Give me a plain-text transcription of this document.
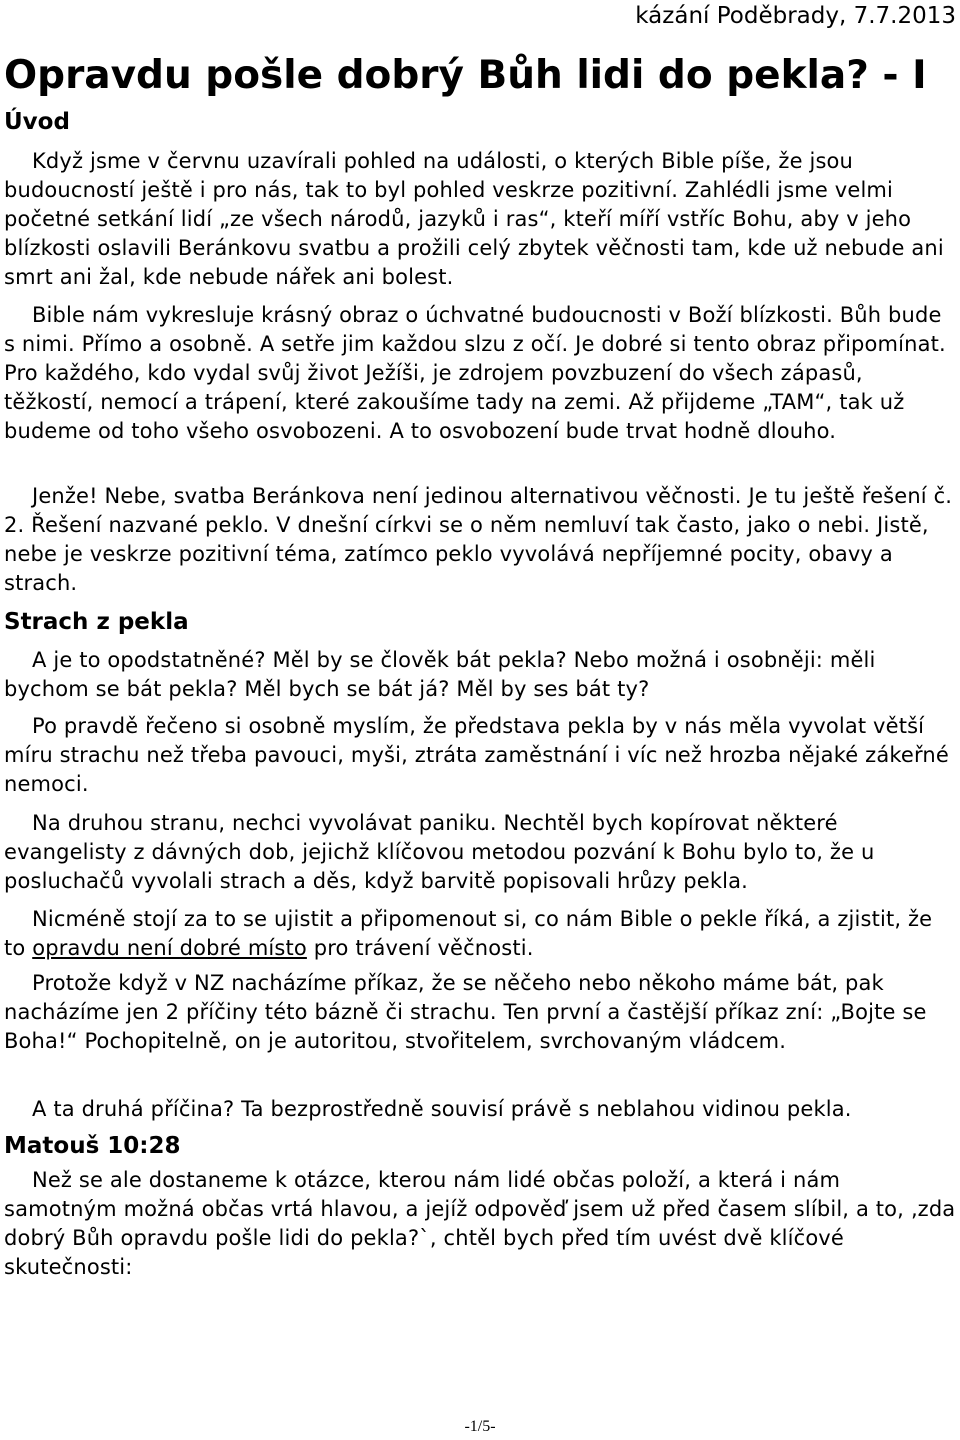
kázání Poděbrady, 7.7.2013
Opravdu pošle dobrý Bůh lidi do pekla? - I
Úvod

Když jsme v červnu uzavírali pohled na události, o kterých Bible píše, že jsou budoucností ještě i pro nás, tak to byl pohled veskrze pozitivní. Zahlédli jsme velmi početné setkání lidí „ze všech národů, jazyků i ras“, kteří míří vstříc Bohu, aby v jeho blízkosti oslavili Beránkovu svatbu a prožili celý zbytek věčnosti tam, kde už nebude ani smrt ani žal, kde nebude nářek ani bolest.

Bible nám vykresluje krásný obraz o úchvatné budoucnosti v Boží blízkosti. Bůh bude s nimi. Přímo a osobně. A setře jim každou slzu z očí. Je dobré si tento obraz připomínat. Pro každého, kdo vydal svůj život Ježíši, je zdrojem povzbuzení do všech zápasů, těžkostí, nemocí a trápení, které zakoušíme tady na zemi. Až přijdeme „TAM“, tak už budeme od toho všeho osvobozeni. A to osvobození bude trvat hodně dlouho.

Jenže! Nebe, svatba Beránkova není jedinou alternativou věčnosti. Je tu ještě řešení č. 2. Řešení nazvané peklo. V dnešní církvi se o něm nemluví tak často, jako o nebi. Jistě, nebe je veskrze pozitivní téma, zatímco peklo vyvolává nepříjemné pocity, obavy a strach.

Strach z pekla

A je to opodstatněné? Měl by se člověk bát pekla? Nebo možná i osobněji: měli bychom se bát pekla? Měl bych se bát já? Měl by ses bát ty?

Po pravdě řečeno si osobně myslím, že představa pekla by v nás měla vyvolat větší míru strachu než třeba pavouci, myši, ztráta zaměstnání i víc než hrozba nějaké zákeřné nemoci.

Na druhou stranu, nechci vyvolávat paniku. Nechtěl bych kopírovat některé evangelisty z dávných dob, jejichž klíčovou metodou pozvání k Bohu bylo to, že u posluchačů vyvolali strach a děs, když barvitě popisovali hrůzy pekla.

Nicméně stojí za to se ujistit a připomenout si, co nám Bible o pekle říká, a zjistit, že to opravdu není dobré místo pro trávení věčnosti.

Protože když v NZ nacházíme příkaz, že se něčeho nebo někoho máme bát, pak nacházíme jen 2 příčiny této bázně či strachu. Ten první a častější příkaz zní: „Bojte se Boha!“ Pochopitelně, on je autoritou, stvořitelem, svrchovaným vládcem.

A ta druhá příčina? Ta bezprostředně souvisí právě s neblahou vidinou pekla.

Matouš 10:28

Než se ale dostaneme k otázce, kterou nám lidé občas položí, a která i nám samotným možná občas vrtá hlavou, a jejíž odpověď jsem už před časem slíbil, a to, ‚zda dobrý Bůh opravdu pošle lidi do pekla?`, chtěl bych před tím uvést dvě klíčové skutečnosti:

-1/5-
